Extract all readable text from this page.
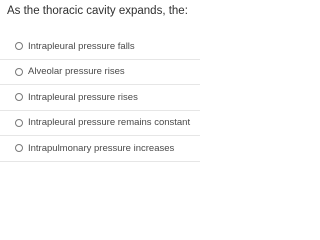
As the thoracic cavity expands, the:
Intrapleural pressure falls
Alveolar pressure rises
Intrapleural pressure rises
Intrapleural pressure remains constant
Intrapulmonary pressure increases
